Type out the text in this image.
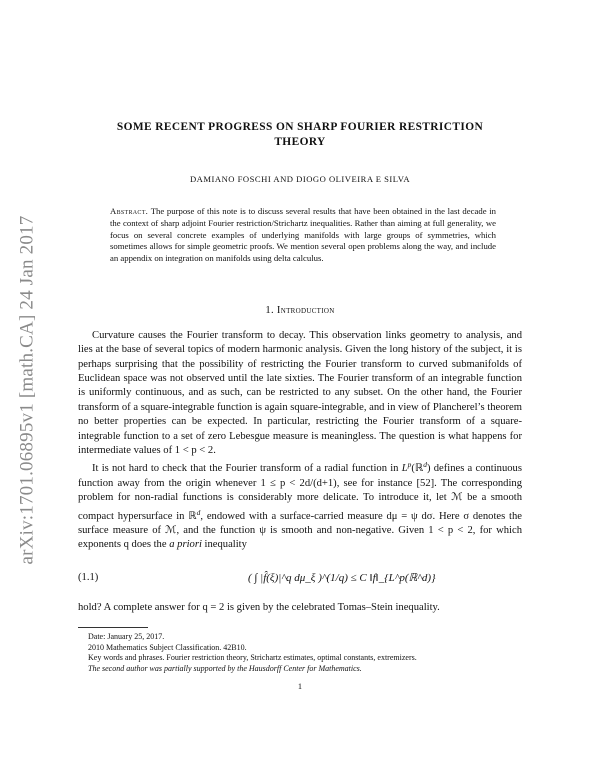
arXiv:1701.06895v1 [math.CA] 24 Jan 2017
SOME RECENT PROGRESS ON SHARP FOURIER RESTRICTION
THEORY
DAMIANO FOSCHI AND DIOGO OLIVEIRA E SILVA
Abstract. The purpose of this note is to discuss several results that have been obtained in the last decade in the context of sharp adjoint Fourier restriction/Strichartz inequalities. Rather than aiming at full generality, we focus on several concrete examples of underlying manifolds with large groups of symmetries, which sometimes allows for simple geometric proofs. We mention several open problems along the way, and include an appendix on integration on manifolds using delta calculus.
1. Introduction

Curvature causes the Fourier transform to decay. This observation links geometry to analysis, and lies at the base of several topics of modern harmonic analysis. Given the long history of the subject, it is perhaps surprising that the possibility of restricting the Fourier transform to curved submanifolds of Euclidean space was not observed until the late sixties. The Fourier transform of an integrable function is uniformly continuous, and as such, can be restricted to any subset. On the other hand, the Fourier transform of a square-integrable function is again square-integrable, and in view of Plancherel’s theorem no better properties can be expected. In particular, restricting the Fourier transform of a square-integrable function to a set of zero Lebesgue measure is meaningless. The question is what happens for intermediate values of 1 < p < 2.

It is not hard to check that the Fourier transform of a radial function in $L^p(ℝ^d)$ defines a continuous function away from the origin whenever 1 ≤ p < 2d/(d+1), see for instance [52]. The corresponding problem for non-radial functions is considerably more delicate. To introduce it, let ℳ be a smooth compact hypersurface in ℝ$^d$, endowed with a surface-carried measure dμ = ψ dσ. Here σ denotes the surface measure of ℳ, and the function ψ is smooth and non-negative. Given 1 < p < 2, for which exponents q does the a priori inequality

(1.1)	( ∫ |f̂(ξ)|^q dμ_ξ )^(1/q) ≤ C ‖f‖_{L^p(ℝ^d)}

hold? A complete answer for q = 2 is given by the celebrated Tomas–Stein inequality.

Date: January 25, 2017.
2010 Mathematics Subject Classification. 42B10.
Key words and phrases. Fourier restriction theory, Strichartz estimates, optimal constants, extremizers.
The second author was partially supported by the Hausdorff Center for Mathematics.
1
